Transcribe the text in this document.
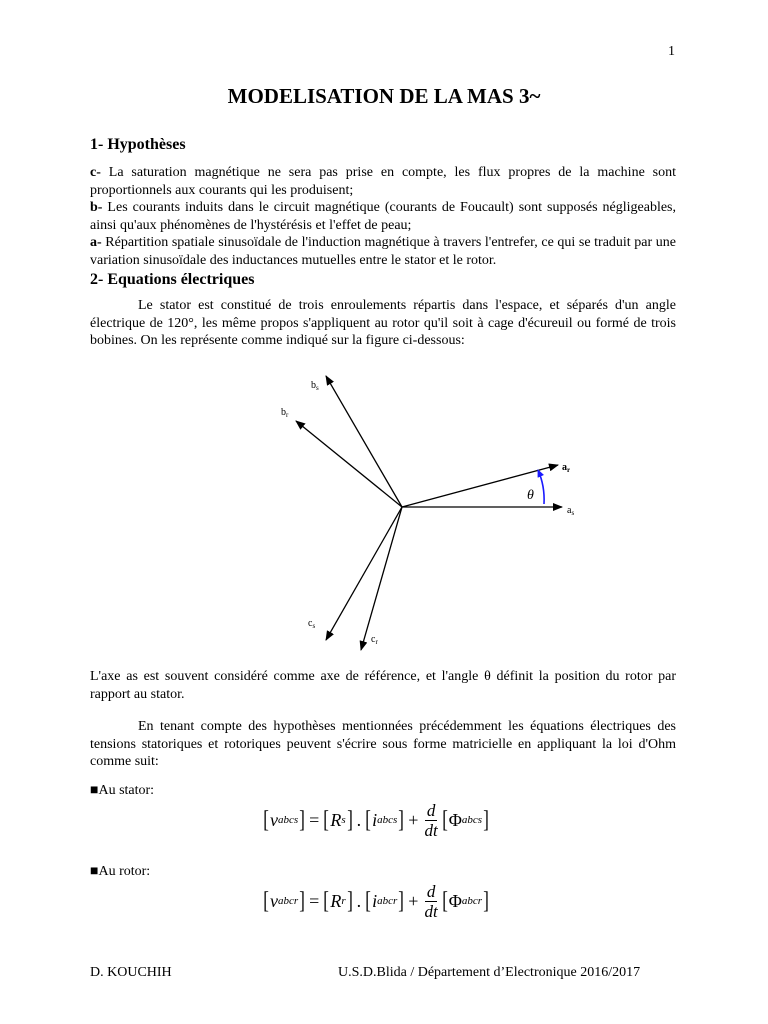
1
MODELISATION DE LA MAS 3~
1- Hypothèses

c- La saturation magnétique ne sera pas prise en compte, les flux propres de la machine sont proportionnels aux courants qui les produisent;
b- Les courants induits dans le circuit magnétique (courants de Foucault) sont supposés négligeables, ainsi qu'aux phénomènes de l'hystérésis et l'effet de peau;
a- Répartition spatiale sinusoïdale de l'induction magnétique à travers l'entrefer, ce qui se traduit par une variation sinusoïdale des inductances mutuelles entre le stator et le rotor.

2- Equations électriques

Le stator est constitué de trois enroulements répartis dans l'espace, et séparés d'un angle électrique de 120°, les même propos s'appliquent au rotor qu'il soit à cage d'écureuil ou formé de trois bobines. On les représente comme indiqué sur la figure ci-dessous:

$b_s$
$b_r$
$a_r$
$a_s$
$c_s$
$c_r$
θ

L'axe as est souvent considéré comme axe de référence, et l'angle θ définit la position du rotor par rapport au stator.

En tenant compte des hypothèses mentionnées précédemment les équations électriques des tensions statoriques et rotoriques peuvent s'écrire sous forme matricielle en appliquant la loi d'Ohm comme suit:

■Au stator:
[ v abcs ] = [ R s ] . [ i abcs ] + $\frac{d}{dt}$ [ Φ abcs ]
■Au rotor:
[ v abcr ] = [ R r ] . [ i abcr ] + $\frac{d}{dt}$ [ Φ abcr ]
D. KOUCHIH	U.S.D.Blida / Département d’Electronique 2016/2017
